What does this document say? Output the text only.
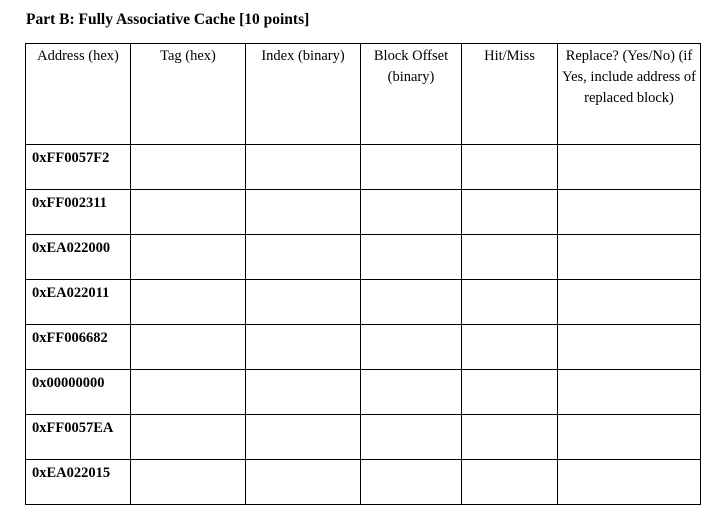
Part B: Fully Associative Cache [10 points]
Address (hex)	Tag (hex)	Index (binary)	Block Offset (binary)	Hit/Miss	Replace? (Yes/No) (if Yes, include address of replaced block)
0xFF0057F2					
0xFF002311					
0xEA022000					
0xEA022011					
0xFF006682					
0x00000000					
0xFF0057EA					
0xEA022015					
